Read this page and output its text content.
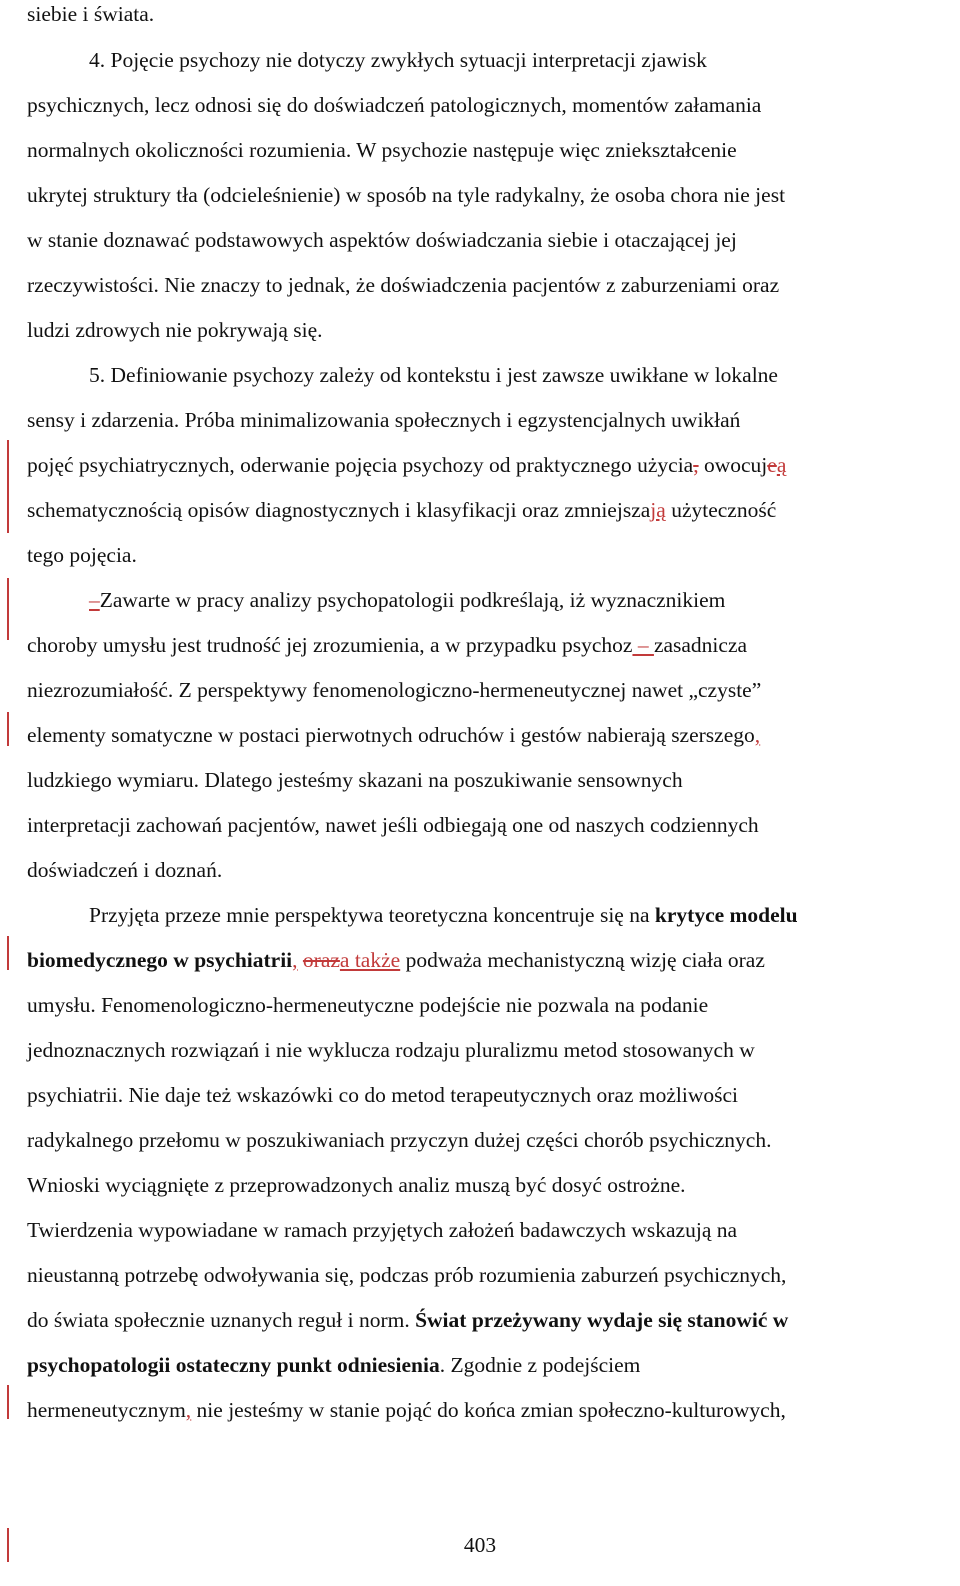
siebie i świata.
4. Pojęcie psychozy nie dotyczy zwykłych sytuacji interpretacji zjawisk
psychicznych, lecz odnosi się do doświadczeń patologicznych, momentów załamania
normalnych okoliczności rozumienia. W psychozie następuje więc zniekształcenie
ukrytej struktury tła (odcieleśnienie) w sposób na tyle radykalny, że osoba chora nie jest
w stanie doznawać podstawowych aspektów doświadczania siebie i otaczającej jej
rzeczywistości. Nie znaczy to jednak, że doświadczenia pacjentów z zaburzeniami oraz
ludzi zdrowych nie pokrywają się.
5. Definiowanie psychozy zależy od kontekstu i jest zawsze uwikłane w lokalne
sensy i zdarzenia. Próba minimalizowania społecznych i egzystencjalnych uwikłań
pojęć psychiatrycznych, oderwanie pojęcia psychozy od praktycznego użycia, owocujeą
schematycznością opisów diagnostycznych i klasyfikacji oraz zmniejszają użyteczność
tego pojęcia.
–Zawarte w pracy analizy psychopatologii podkreślają, iż wyznacznikiem
choroby umysłu jest trudność jej zrozumienia, a w przypadku psychoz – zasadnicza
niezrozumiałość. Z perspektywy fenomenologiczno-hermeneutycznej nawet „czyste”
elementy somatyczne w postaci pierwotnych odruchów i gestów nabierają szerszego,
ludzkiego wymiaru. Dlatego jesteśmy skazani na poszukiwanie sensownych
interpretacji zachowań pacjentów, nawet jeśli odbiegają one od naszych codziennych
doświadczeń i doznań.
Przyjęta przeze mnie perspektywa teoretyczna koncentruje się na krytyce modelu
biomedycznego w psychiatrii, oraza także podważa mechanistyczną wizję ciała oraz
umysłu. Fenomenologiczno-hermeneutyczne podejście nie pozwala na podanie
jednoznacznych rozwiązań i nie wyklucza rodzaju pluralizmu metod stosowanych w
psychiatrii. Nie daje też wskazówki co do metod terapeutycznych oraz możliwości
radykalnego przełomu w poszukiwaniach przyczyn dużej części chorób psychicznych.
Wnioski wyciągnięte z przeprowadzonych analiz muszą być dosyć ostrożne.
Twierdzenia wypowiadane w ramach przyjętych założeń badawczych wskazują na
nieustanną potrzebę odwoływania się, podczas prób rozumienia zaburzeń psychicznych,
do świata społecznie uznanych reguł i norm. Świat przeżywany wydaje się stanowić w
psychopatologii ostateczny punkt odniesienia. Zgodnie z podejściem
hermeneutycznym, nie jesteśmy w stanie pojąć do końca zmian społeczno-kulturowych,
403
